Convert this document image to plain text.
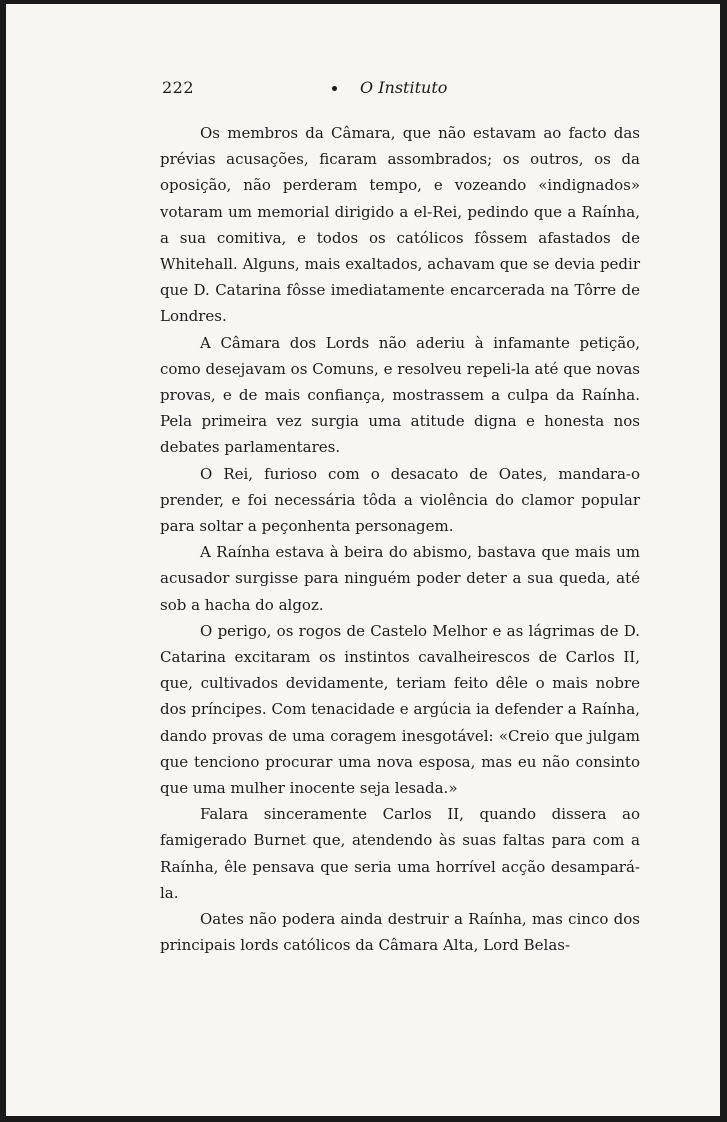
222	O Instituto

Os membros da Câmara, que não estavam ao facto das prévias acusações, ficaram assombrados; os outros, os da oposição, não perderam tempo, e vozeando «indignados» votaram um memorial dirigido a el-Rei, pedindo que a Raínha, a sua comitiva, e todos os católicos fôssem afastados de Whitehall. Alguns, mais exaltados, achavam que se devia pedir que D. Catarina fôsse imediatamente encarcerada na Tôrre de Londres.

A Câmara dos Lords não aderiu à infamante petição, como desejavam os Comuns, e resolveu repeli-la até que novas provas, e de mais confiança, mostrassem a culpa da Raínha. Pela primeira vez surgia uma atitude digna e honesta nos debates parlamentares.

O Rei, furioso com o desacato de Oates, mandara-o prender, e foi necessária tôda a violência do clamor popular para soltar a peçonhenta personagem.

A Raínha estava à beira do abismo, bastava que mais um acusador surgisse para ninguém poder deter a sua queda, até sob a hacha do algoz.

O perigo, os rogos de Castelo Melhor e as lágrimas de D. Catarina excitaram os instintos cavalheirescos de Carlos II, que, cultivados devidamente, teriam feito dêle o mais nobre dos príncipes. Com tenacidade e argúcia ia defender a Raínha, dando provas de uma coragem inesgotável: «Creio que julgam que tenciono procurar uma nova esposa, mas eu não consinto que uma mulher inocente seja lesada.»

Falara sinceramente Carlos II, quando dissera ao famigerado Burnet que, atendendo às suas faltas para com a Raínha, êle pensava que seria uma horrível acção desampará-la.

Oates não podera ainda destruir a Raínha, mas cinco dos principais lords católicos da Câmara Alta, Lord Belas-
